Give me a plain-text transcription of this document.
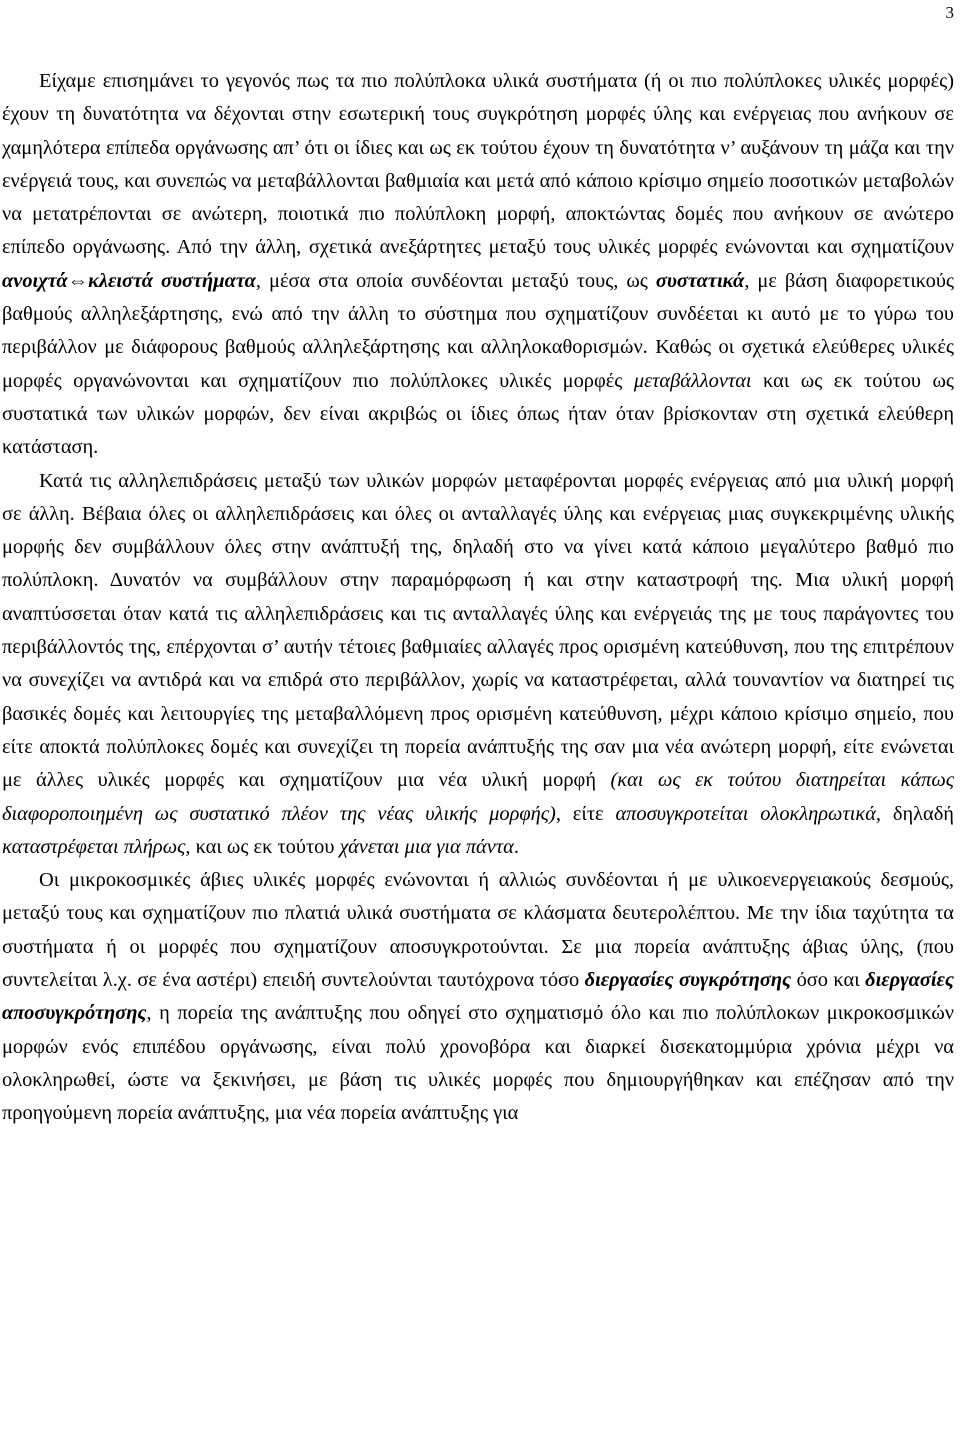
3

Είχαμε επισημάνει το γεγονός πως τα πιο πολύπλοκα υλικά συστήματα (ή οι πιο πολύπλοκες υλικές μορφές) έχουν τη δυνατότητα να δέχονται στην εσωτερική τους συγκρότηση μορφές ύλης και ενέργειας που ανήκουν σε χαμηλότερα επίπεδα οργάνωσης απ’ ότι οι ίδιες και ως εκ τούτου έχουν τη δυνατότητα ν’ αυξάνουν τη μάζα και την ενέργειά τους, και συνεπώς να μεταβάλλονται βαθμιαία και μετά από κάποιο κρίσιμο σημείο ποσοτικών μεταβολών να μετατρέπονται σε ανώτερη, ποιοτικά πιο πολύπλοκη μορφή, αποκτώντας δομές που ανήκουν σε ανώτερο επίπεδο οργάνωσης. Από την άλλη, σχετικά ανεξάρτητες μεταξύ τους υλικές μορφές ενώνονται και σχηματίζουν ανοιχτά⇔κλειστά συστήματα, μέσα στα οποία συνδέονται μεταξύ τους, ως συστατικά, με βάση διαφορετικούς βαθμούς αλληλεξάρτησης, ενώ από την άλλη το σύστημα που σχηματίζουν συνδέεται κι αυτό με το γύρω του περιβάλλον με διάφορους βαθμούς αλληλεξάρτησης και αλληλοκαθορισμών. Καθώς οι σχετικά ελεύθερες υλικές μορφές οργανώνονται και σχηματίζουν πιο πολύπλοκες υλικές μορφές μεταβάλλονται και ως εκ τούτου ως συστατικά των υλικών μορφών, δεν είναι ακριβώς οι ίδιες όπως ήταν όταν βρίσκονταν στη σχετικά ελεύθερη κατάσταση.

Κατά τις αλληλεπιδράσεις μεταξύ των υλικών μορφών μεταφέρονται μορφές ενέργειας από μια υλική μορφή σε άλλη. Βέβαια όλες οι αλληλεπιδράσεις και όλες οι ανταλλαγές ύλης και ενέργειας μιας συγκεκριμένης υλικής μορφής δεν συμβάλλουν όλες στην ανάπτυξή της, δηλαδή στο να γίνει κατά κάποιο μεγαλύτερο βαθμό πιο πολύπλοκη. Δυνατόν να συμβάλλουν στην παραμόρφωση ή και στην καταστροφή της. Μια υλική μορφή αναπτύσσεται όταν κατά τις αλληλεπιδράσεις και τις ανταλλαγές ύλης και ενέργειάς της με τους παράγοντες του περιβάλλοντός της, επέρχονται σ’ αυτήν τέτοιες βαθμιαίες αλλαγές προς ορισμένη κατεύθυνση, που της επιτρέπουν να συνεχίζει να αντιδρά και να επιδρά στο περιβάλλον, χωρίς να καταστρέφεται, αλλά τουναντίον να διατηρεί τις βασικές δομές και λειτουργίες της μεταβαλλόμενη προς ορισμένη κατεύθυνση, μέχρι κάποιο κρίσιμο σημείο, που είτε αποκτά πολύπλοκες δομές και συνεχίζει τη πορεία ανάπτυξής της σαν μια νέα ανώτερη μορφή, είτε ενώνεται με άλλες υλικές μορφές και σχηματίζουν μια νέα υλική μορφή (και ως εκ τούτου διατηρείται κάπως διαφοροποιημένη ως συστατικό πλέον της νέας υλικής μορφής), είτε αποσυγκροτείται ολοκληρωτικά, δηλαδή καταστρέφεται πλήρως, και ως εκ τούτου χάνεται μια για πάντα.

Οι μικροκοσμικές άβιες υλικές μορφές ενώνονται ή αλλιώς συνδέονται ή με υλικοενεργειακούς δεσμούς, μεταξύ τους και σχηματίζουν πιο πλατιά υλικά συστήματα σε κλάσματα δευτερολέπτου. Με την ίδια ταχύτητα τα συστήματα ή οι μορφές που σχηματίζουν αποσυγκροτούνται. Σε μια πορεία ανάπτυξης άβιας ύλης, (που συντελείται λ.χ. σε ένα αστέρι) επειδή συντελούνται ταυτόχρονα τόσο διεργασίες συγκρότησης όσο και διεργασίες αποσυγκρότησης, η πορεία της ανάπτυξης που οδηγεί στο σχηματισμό όλο και πιο πολύπλοκων μικροκοσμικών μορφών ενός επιπέδου οργάνωσης, είναι πολύ χρονοβόρα και διαρκεί δισεκατομμύρια χρόνια μέχρι να ολοκληρωθεί, ώστε να ξεκινήσει, με βάση τις υλικές μορφές που δημιουργήθηκαν και επέζησαν από την προηγούμενη πορεία ανάπτυξης, μια νέα πορεία ανάπτυξης για
